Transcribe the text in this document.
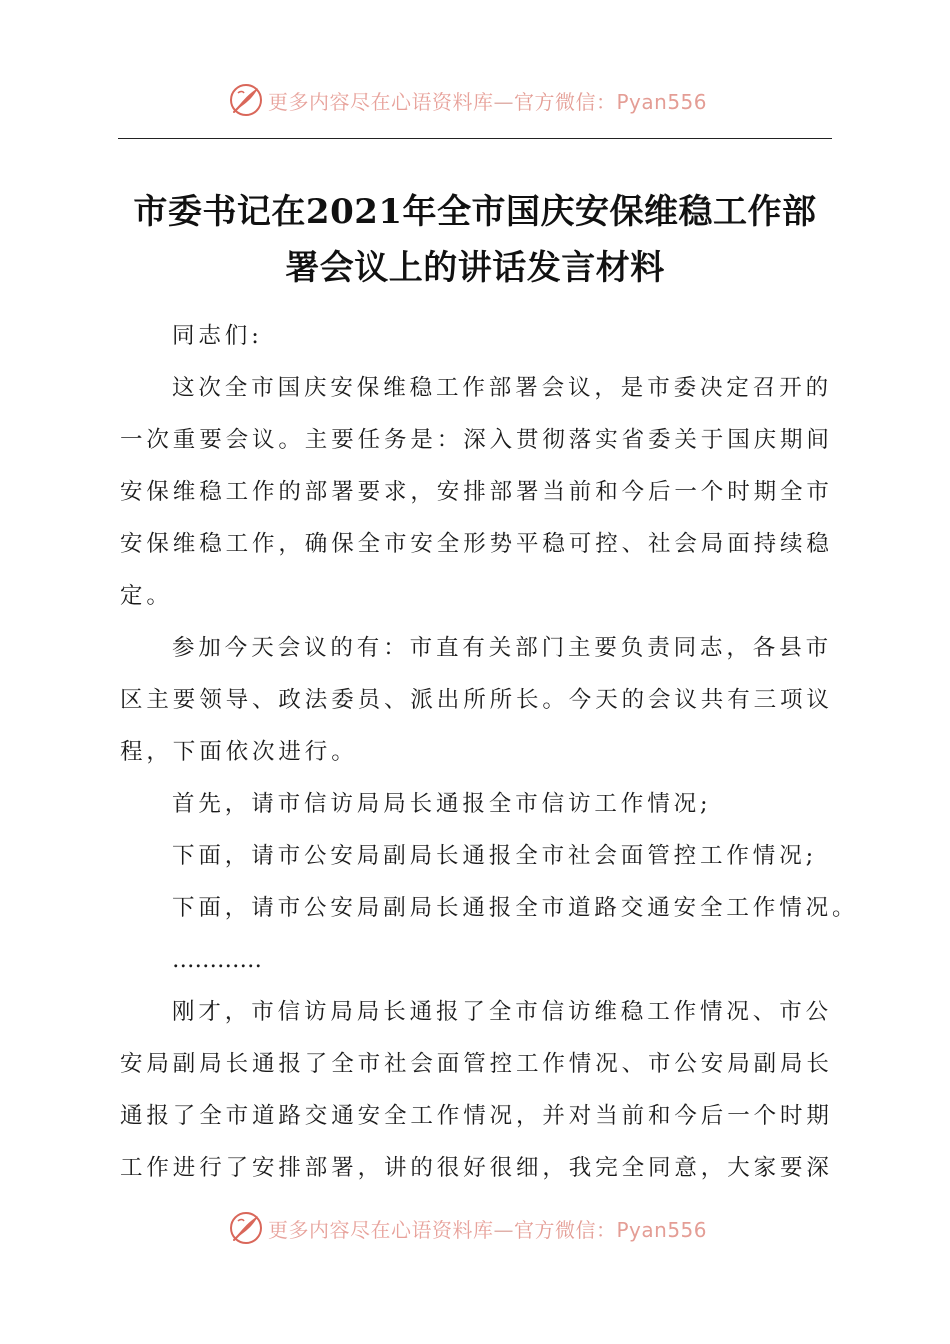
更多内容尽在心语资料库—官方微信：Pyan556
市委书记在2021年全市国庆安保维稳工作部
署会议上的讲话发言材料
同志们:
这次全市国庆安保维稳工作部署会议，是市委决定召开的
一次重要会议。主要任务是：深入贯彻落实省委关于国庆期间
安保维稳工作的部署要求，安排部署当前和今后一个时期全市
安保维稳工作，确保全市安全形势平稳可控、社会局面持续稳
定。
参加今天会议的有：市直有关部门主要负责同志，各县市
区主要领导、政法委员、派出所所长。今天的会议共有三项议
程，下面依次进行。
首先，请市信访局局长通报全市信访工作情况;
下面，请市公安局副局长通报全市社会面管控工作情况;
下面，请市公安局副局长通报全市道路交通安全工作情况。
…………
刚才，市信访局局长通报了全市信访维稳工作情况、市公
安局副局长通报了全市社会面管控工作情况、市公安局副局长
通报了全市道路交通安全工作情况，并对当前和今后一个时期
工作进行了安排部署，讲的很好很细，我完全同意，大家要深
更多内容尽在心语资料库—官方微信：Pyan556
